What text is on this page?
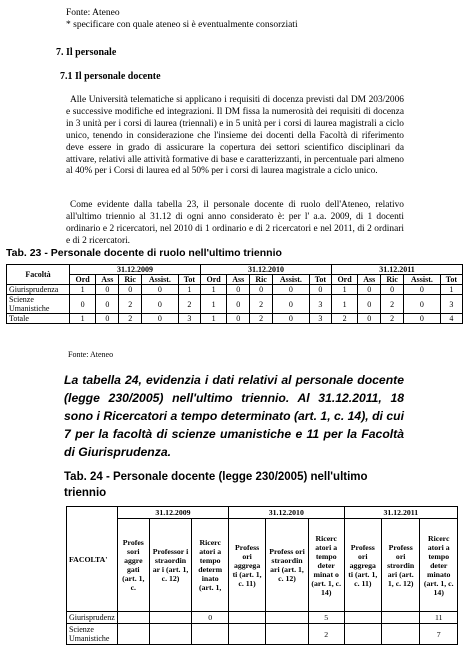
Fonte: Ateneo
* specificare con quale ateneo si è eventualmente consorziati
7. Il personale
7.1 Il personale docente
Alle Università telematiche si applicano i requisiti di docenza previsti dal DM 203/2006 e successive modifiche ed integrazioni. Il DM fissa la numerosità dei requisiti di docenza in 3 unità per i corsi di laurea (triennali) e in 5 unità per i corsi di laurea magistrali a ciclo unico, tenendo in considerazione che l'insieme dei docenti della Facoltà di riferimento deve essere in grado di assicurare la copertura dei settori scientifico disciplinari da attivare, relativi alle attività formative di base e caratterizzanti, in percentuale pari almeno al 40% per i Corsi di laurea ed al 50% per i corsi di laurea magistrale a ciclo unico.
Come evidente dalla tabella 23, il personale docente di ruolo dell'Ateneo, relativo all'ultimo triennio al 31.12 di ogni anno considerato è: per l' a.a. 2009, di 1 docenti ordinario e 2 ricercatori, nel 2010 di 1 ordinario e di 2 ricercatori e nel 2011, di 2 ordinari e di 2 ricercatori.
Tab. 23 - Personale docente di ruolo nell'ultimo triennio
Facoltà	31.12.2009					31.12.2010					31.12.2011				
	Ord	Ass	Ric	Assist.	Tot	Ord	Ass	Ric	Assist.	Tot	Ord	Ass	Ric	Assist.	Tot
Giurisprudenza	1	0	0	0	1	1	0	0	0	0	1	0	0	0	1
Scienze Umanistiche	0	0	2	0	2	1	0	2	0	3	1	0	2	0	3
Totale	1	0	2	0	3	1	0	2	0	3	2	0	2	0	4
Fonte: Ateneo
La tabella 24, evidenzia i dati relativi al personale docente (legge 230/2005) nell'ultimo triennio. Al 31.12.2011, 18 sono i Ricercatori a tempo determinato (art. 1, c. 14), di cui 7 per la facoltà di scienze umanistiche e 11 per la Facoltà di Giurisprudenza.
Tab. 24 - Personale docente (legge 230/2005) nell'ultimo triennio
FACOLTA'	31.12.2009			31.12.2010			31.12.2011		
	Profes sori aggre gati (art. 1, c.	Professor i straordin ar i (art. 1, c. 12)	Ricerc atori a tempo determ inato (art. 1,	Profess ori aggrega ti (art. 1, c. 11)	Profess ori straordin ari (art. 1, c. 12)	Ricerc atori a tempo deter minat o (art. 1, c. 14)	Profess ori aggrega ti (art. 1, c. 11)	Profess ori strordin ari (art. 1, c. 12)	Ricerc atori a tempo deter minato (art. 1, c. 14)
Giurisprudenz			0			5			11
Scienze Umanistiche						2			7
